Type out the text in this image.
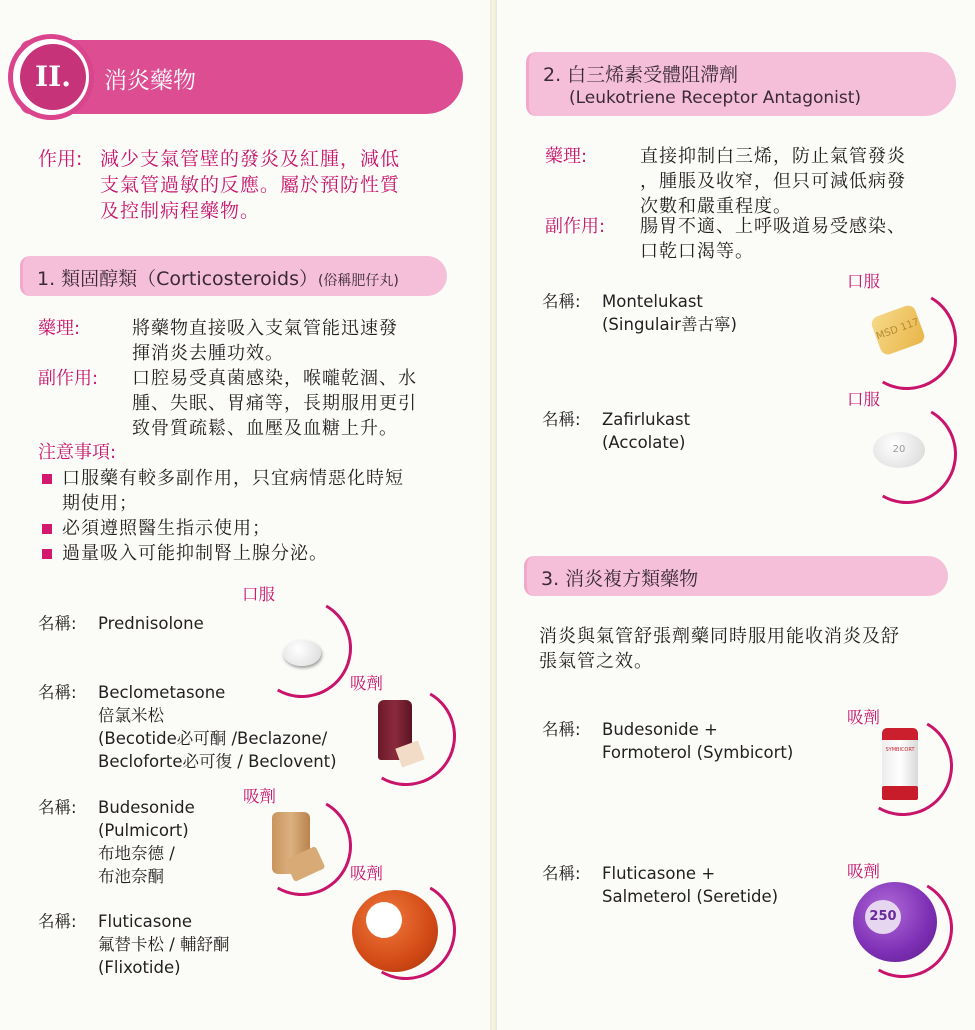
消炎藥物
II.
作用: 減少支氣管壁的發炎及紅腫，減低
支氣管過敏的反應。屬於預防性質
及控制病程藥物。
1. 類固醇類（Corticosteroids）(俗稱肥仔丸)
藥理:	將藥物直接吸入支氣管能迅速發
揮消炎去腫功效。
副作用: 口腔易受真菌感染，喉嚨乾涸、水
腫、失眠、胃痛等，長期服用更引
致骨質疏鬆、血壓及血糖上升。
注意事項:
口服藥有較多副作用，只宜病情惡化時短
期使用；
必須遵照醫生指示使用；
過量吸入可能抑制腎上腺分泌。
口服
名稱: Prednisolone
吸劑
名稱: Beclometasone
倍氯米松
(Becotide必可酮 /Beclazone/
Becloforte必可復 / Beclovent)
吸劑
名稱: Budesonide
(Pulmicort)
布地奈德 /
布池奈酮	吸劑
名稱: Fluticasone
氟替卡松 / 輔舒酮
(Flixotide)
2. 白三烯素受體阻滯劑
(Leukotriene Receptor Antagonist)
藥理:	直接抑制白三烯，防止氣管發炎
，腫脹及收窄，但只可減低病發
次數和嚴重程度。
副作用: 腸胃不適、上呼吸道易受感染、
口乾口渴等。
口服
名稱: Montelukast
(Singulair善古寧)	MSD 117
口服
名稱: Zafirlukast
(Accolate)	20
3. 消炎複方類藥物
消炎與氣管舒張劑藥同時服用能收消炎及舒
張氣管之效。
吸劑
名稱: Budesonide +
Formoterol (Symbicort)	SYMBICORT
吸劑
名稱: Fluticasone +
Salmeterol (Seretide)
250
